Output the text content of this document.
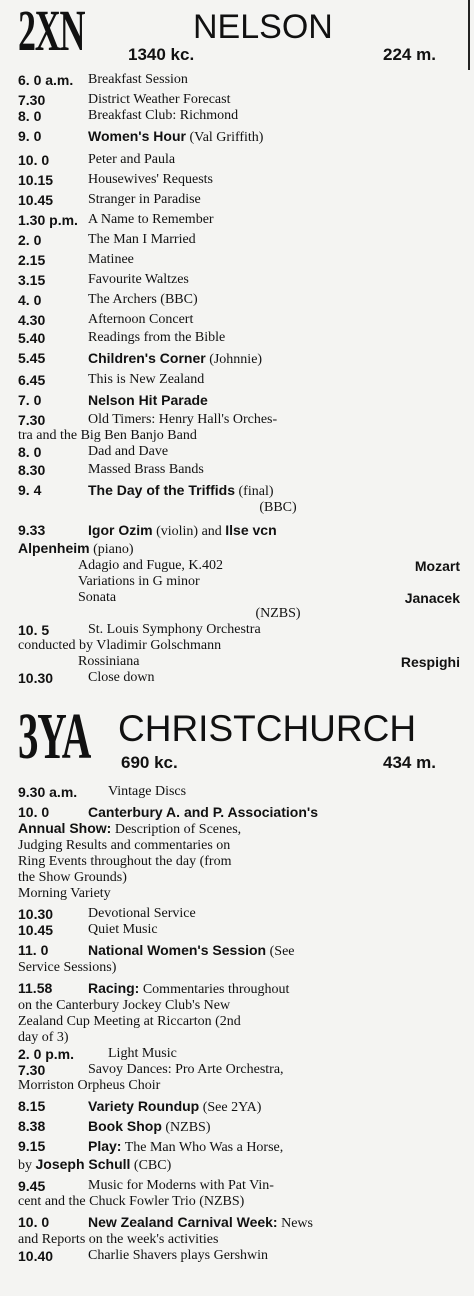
2XN	NELSON
1340 kc.	224 m.
6. 0 a.m.	Breakfast Session
7.30	District Weather Forecast
8. 0	Breakfast Club: Richmond
9. 0	Women's Hour (Val Griffith)
10. 0	Peter and Paula
10.15	Housewives' Requests
10.45	Stranger in Paradise
1.30 p.m. A Name to Remember
2. 0	The Man I Married
2.15	Matinee
3.15	Favourite Waltzes
4. 0	The Archers (BBC)
4.30	Afternoon Concert
5.40	Readings from the Bible
5.45	Children's Corner (Johnnie)
6.45	This is New Zealand
7. 0	Nelson Hit Parade
7.30	Old Timers: Henry Hall's Orches-
tra and the Big Ben Banjo Band
8. 0	Dad and Dave
8.30	Massed Brass Bands
9. 4	The Day of the Triffids (final)
(BBC)
9.33	Igor Ozim (violin) and Ilse vcn
Alpenheim (piano)
Adagio and Fugue, K.402	Mozart
Variations in G minor
Sonata	Janacek
(NZBS)
10. 5	St. Louis Symphony Orchestra
conducted by Vladimir Golschmann
Rossiniana	Respighi
10.30	Close down
3YA CHRISTCHURCH
690 kc.	434 m.
9.30 a.m.	Vintage Discs
10. 0	Canterbury A. and P. Association's
Annual Show: Description of Scenes,
Judging Results and commentaries on
Ring Events throughout the day (from
the Show Grounds)
Morning Variety
10.30	Devotional Service
10.45	Quiet Music
11. 0	National Women's Session (See
Service Sessions)
11.58	Racing: Commentaries throughout
on the Canterbury Jockey Club's New
Zealand Cup Meeting at Riccarton (2nd
day of 3)
2. 0 p.m.	Light Music
7.30	Savoy Dances: Pro Arte Orchestra,
Morriston Orpheus Choir
8.15	Variety Roundup (See 2YA)
8.38	Book Shop (NZBS)
9.15	Play: The Man Who Was a Horse,
by Joseph Schull (CBC)
9.45	Music for Moderns with Pat Vin-
cent and the Chuck Fowler Trio (NZBS)
10. 0	New Zealand Carnival Week: News
and Reports on the week's activities
10.40	Charlie Shavers plays Gershwin
